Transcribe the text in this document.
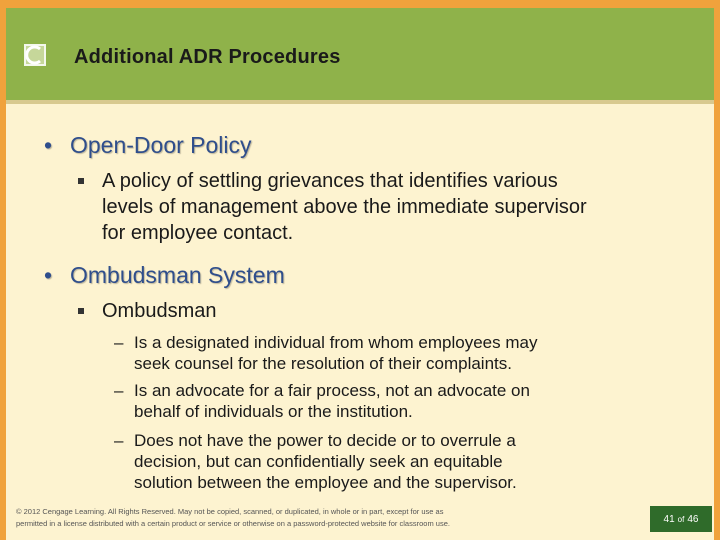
Additional ADR Procedures
• Open-Door Policy
A policy of settling grievances that identifies various
levels of management above the immediate supervisor
for employee contact.
• Ombudsman System
Ombudsman
– Is a designated individual from whom employees may
seek counsel for the resolution of their complaints.
– Is an advocate for a fair process, not an advocate on
behalf of individuals or the institution.
– Does not have the power to decide or to overrule a
decision, but can confidentially seek an equitable
solution between the employee and the supervisor.
© 2012 Cengage Learning. All Rights Reserved. May not be copied, scanned, or duplicated, in whole or in part, except for use as
permitted in a license distributed with a certain product or service or otherwise on a password-protected website for classroom use.	41 of 46
